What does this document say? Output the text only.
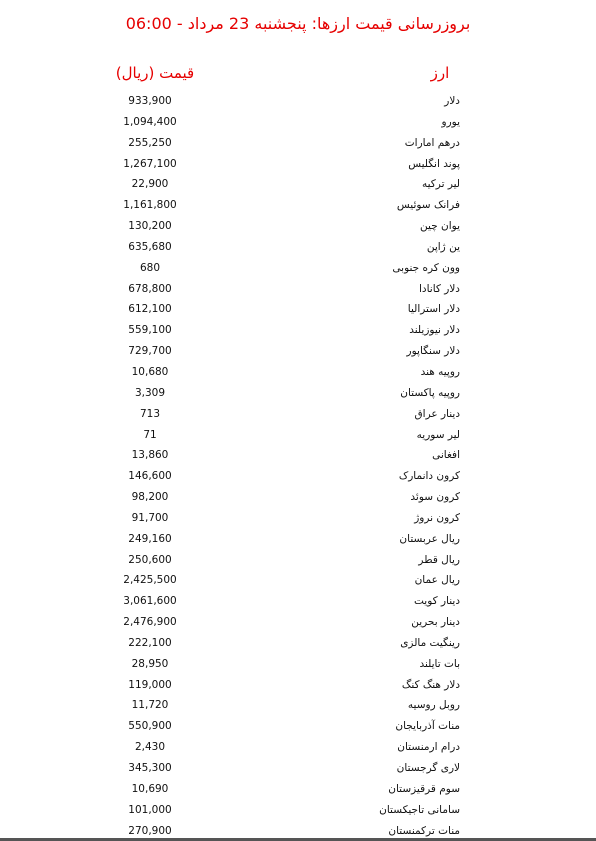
بروزرسانی قیمت ارزها: پنجشنبه 23 مرداد - 06:00
ارز
قیمت (ریال)
دلار
933,900
یورو
1,094,400
درهم امارات
255,250
پوند انگلیس
1,267,100
لیر ترکیه
22,900
فرانک سوئیس
1,161,800
یوان چین
130,200
ین ژاپن
635,680
وون کره جنوبی
680
دلار کانادا
678,800
دلار استرالیا
612,100
دلار نیوزیلند
559,100
دلار سنگاپور
729,700
روپیه هند
10,680
روپیه پاکستان
3,309
دینار عراق
713
لیر سوریه
71
افغانی
13,860
کرون دانمارک
146,600
کرون سوئد
98,200
کرون نروژ
91,700
ریال عربستان
249,160
ریال قطر
250,600
ریال عمان
2,425,500
دینار کویت
3,061,600
دینار بحرین
2,476,900
رینگیت مالزی
222,100
بات تایلند
28,950
دلار هنگ کنگ
119,000
روبل روسیه
11,720
منات آذربایجان
550,900
درام ارمنستان
2,430
لاری گرجستان
345,300
سوم قرقیزستان
10,690
سامانی تاجیکستان
101,000
منات ترکمنستان
270,900
